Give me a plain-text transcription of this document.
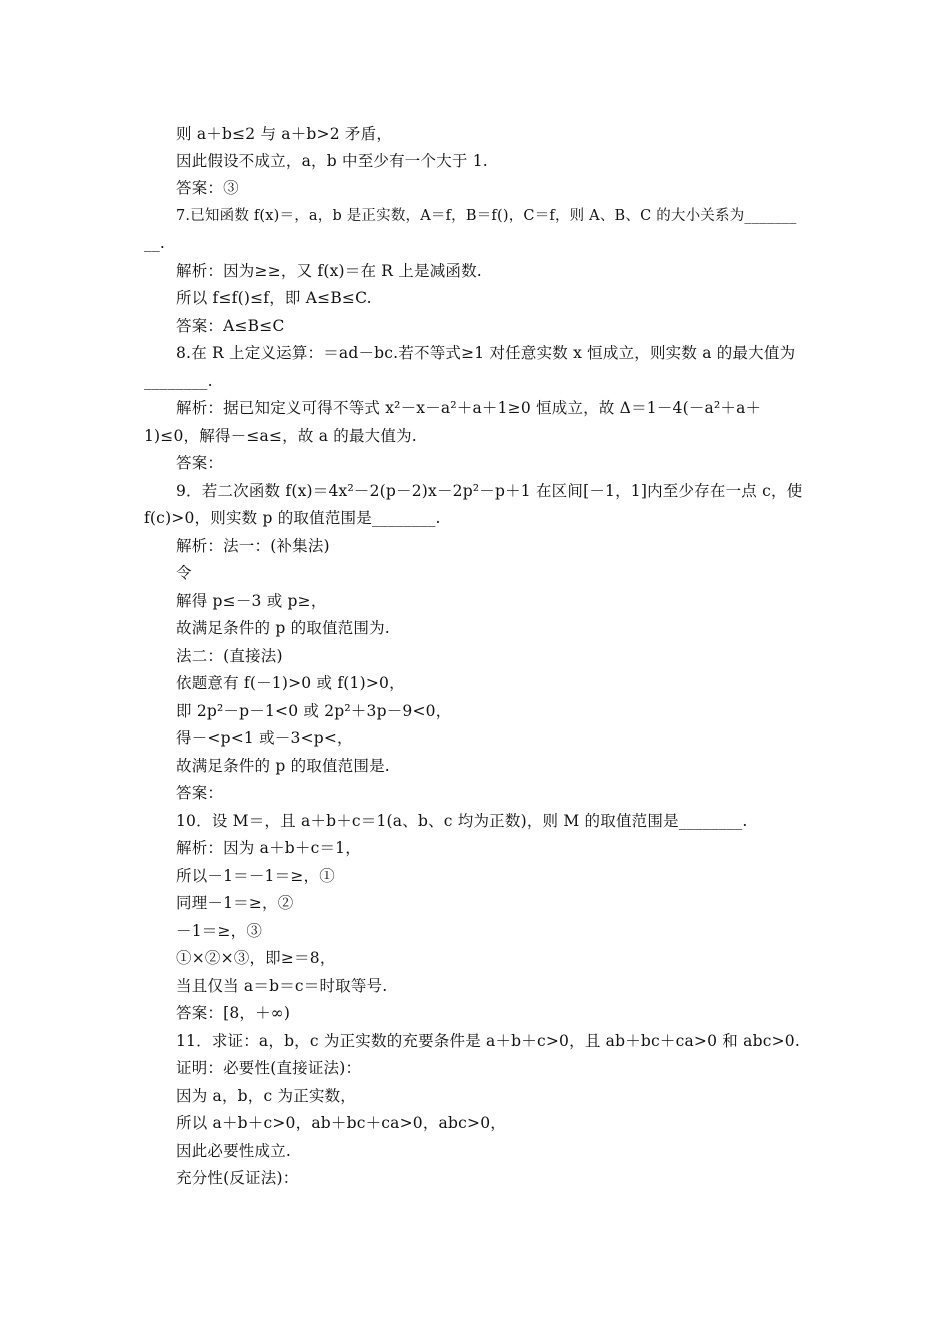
则 a＋b≤2 与 a＋b>2 矛盾，
因此假设不成立，a，b 中至少有一个大于 1.
答案：③
7.已知函数 f(x)＝，a，b 是正实数，A＝f，B＝f()，C＝f，则 A、B、C 的大小关系为_______
__.
解析：因为≥≥，又 f(x)＝在 R 上是减函数.
所以 f≤f()≤f，即 A≤B≤C.
答案：A≤B≤C
8.在 R 上定义运算：＝ad－bc.若不等式≥1 对任意实数 x 恒成立，则实数 a 的最大值为
________.
解析：据已知定义可得不等式 x²－x－a²＋a＋1≥0 恒成立，故 Δ＝1－4(－a²＋a＋
1)≤0，解得－≤a≤，故 a 的最大值为.
答案：
9．若二次函数 f(x)＝4x²－2(p－2)x－2p²－p＋1 在区间[－1，1]内至少存在一点 c，使
f(c)>0，则实数 p 的取值范围是________.
解析：法一：(补集法)
令
解得 p≤－3 或 p≥，
故满足条件的 p 的取值范围为.
法二：(直接法)
依题意有 f(－1)>0 或 f(1)>0，
即 2p²－p－1<0 或 2p²＋3p－9<0，
得－<p<1 或－3<p<，
故满足条件的 p 的取值范围是.
答案：
10．设 M＝，且 a＋b＋c＝1(a、b、c 均为正数)，则 M 的取值范围是________.
解析：因为 a＋b＋c＝1，
所以－1＝－1＝≥，①
同理－1＝≥，②
－1＝≥，③
①×②×③，即≥＝8，
当且仅当 a＝b＝c＝时取等号.
答案：[8，＋∞)
11．求证：a，b，c 为正实数的充要条件是 a＋b＋c>0，且 ab＋bc＋ca>0 和 abc>0.
证明：必要性(直接证法)：
因为 a，b，c 为正实数，
所以 a＋b＋c>0，ab＋bc＋ca>0，abc>0，
因此必要性成立.
充分性(反证法)：
